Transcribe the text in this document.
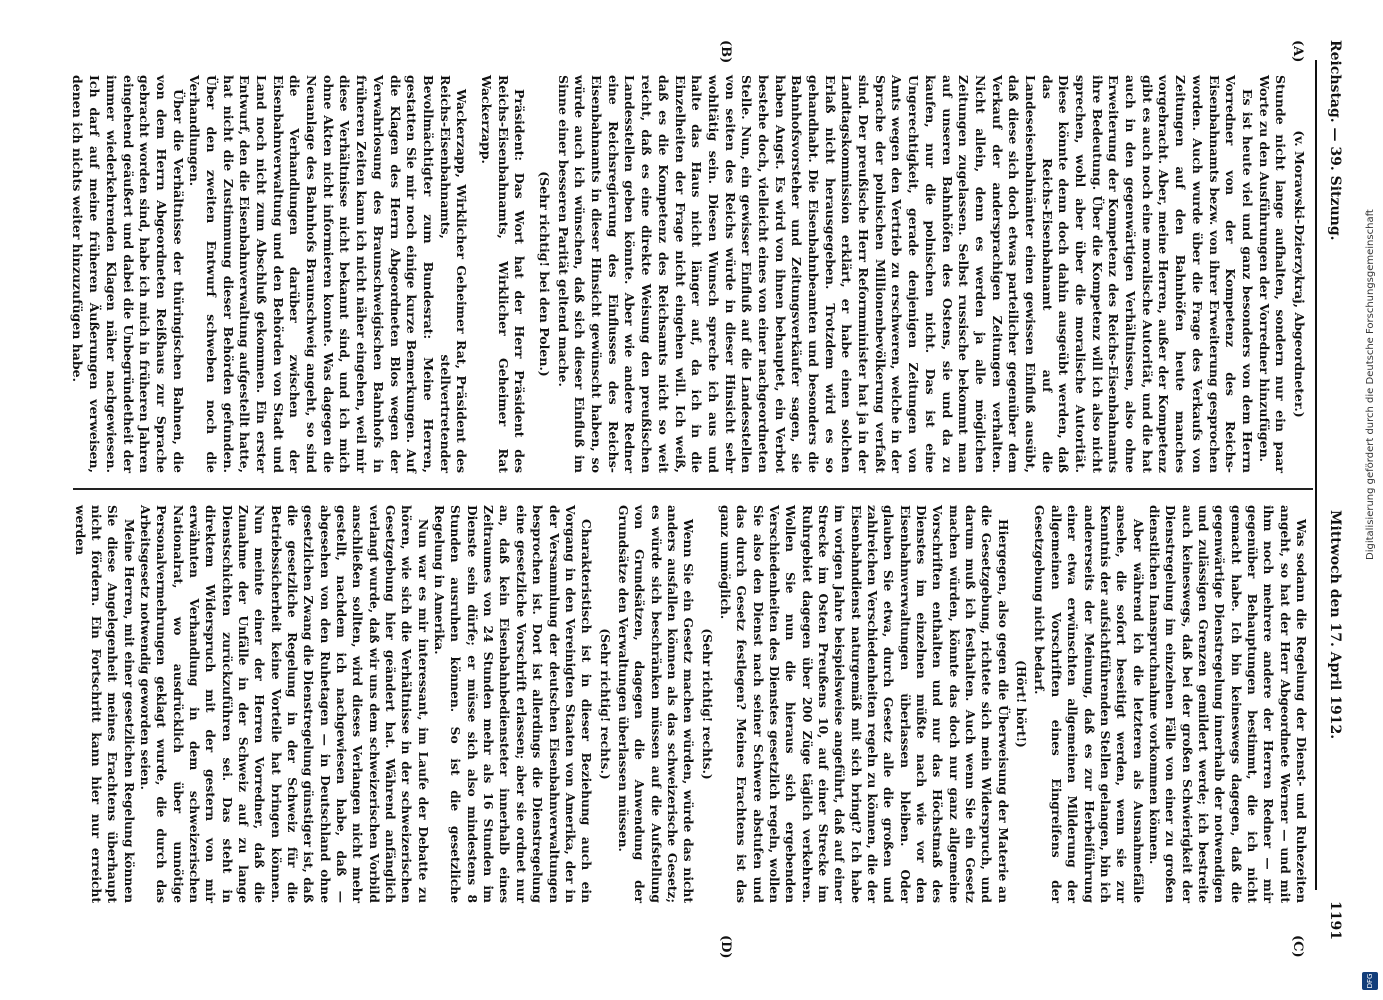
Reichstag. — 39. Sitzung.
Mittwoch den 17. April 1912.
1191
(A)
(B)
(C)
(D)

(v. Morawski-Dzierzykraj, Abgeordneter.)

Stunde nicht lange aufhalten, sondern nur ein paar Worte zu den Ausführungen der Vorredner hinzufügen.

Es ist heute viel und ganz besonders von dem Herrn Vorredner von der Kompetenz des Reichs-Eisenbahnamts bezw. von ihrer Erweiterung gesprochen worden. Auch wurde über die Frage des Verkaufs von Zeitungen auf den Bahnhöfen heute manches vorgebracht. Aber, meine Herren, außer der Kompetenz gibt es auch noch eine moralische Autorität, und die hat auch in den gegenwärtigen Verhältnissen, also ohne Erweiterung der Kompetenz des Reichs-Eisenbahnamts ihre Bedeutung. Über die Kompetenz will ich also nicht sprechen, wohl aber über die moralische Autorität. Diese könnte denn doch dahin ausgeübt werden, daß das Reichs-Eisenbahnamt auf die Landeseisenbahnämter einen gewissen Einfluß ausübt, daß diese sich doch etwas parteilicher gegenüber dem Verkauf der andersprachigen Zeitungen verhalten. Nicht allein, denn es werden ja alle möglichen Zeitungen zugelassen. Selbst russische bekommt man auf unseren Bahnhöfen des Ostens, sie und da zu kaufen, nur die polnischen nicht. Das ist eine Ungerechtigkeit, gerade denjenigen Zeitungen von Amts wegen den Vertrieb zu erschweren, welche in der Sprache der polnischen Millionenbevölkerung verfaßt sind. Der preußische Herr Reformminister hat ja in der Landtagskommission erklärt, er habe einen solchen Erlaß nicht herausgegeben. Trotzdem wird es so gehandhabt. Die Eisenbahnbeamten und besonders die Bahnhofsvorsteher und Zeitungsverkäufer sagen, sie haben Angst. Es wird von ihnen behauptet, ein Verbot bestehe doch, vielleicht eines von einer nachgeordneten Stelle. Nun, ein gewisser Einfluß auf die Landesstellen von seiten des Reichs würde in dieser Hinsicht sehr wohltätig sein. Diesen Wunsch spreche ich aus und halte das Haus nicht länger auf, da ich in die Einzelheiten der Frage nicht eingehen will. Ich weiß, daß es die Kompetenz des Reichsamts nicht so weit reicht, daß es eine direkte Weisung den preußischen Landesstellen geben könnte. Aber wie andere Redner eine Reichsregierung des Einflusses des Reichs-Eisenbahnamts in dieser Hinsicht gewünscht haben, so würde auch ich wünschen, daß sich dieser Einfluß im Sinne einer besseren Parität geltend mache.

(Sehr richtig! bei den Polen.)

Präsident: Das Wort hat der Herr Präsident des Reichs-Eisenbahnamts, Wirklicher Geheimer Rat Wackerzapp.

Wackerzapp, Wirklicher Geheimer Rat, Präsident des Reichs-Eisenbahnamts, stellvertretender Bevollmächtigter zum Bundesrat: Meine Herren, gestatten Sie mir noch einige kurze Bemerkungen. Auf die Klagen des Herrn Abgeordneten Blos wegen der Verwahrlosung des Braunschweigischen Bahnhofs in früheren Zeiten kann ich nicht näher eingehen, weil mir diese Verhältnisse nicht bekannt sind, und ich mich ohne Akten nicht informieren konnte. Was dagegen die Neuanlage des Bahnhofs Braunschweig angeht, so sind die Verhandlungen darüber zwischen der Eisenbahnverwaltung und den Behörden von Stadt und Land noch nicht zum Abschluß gekommen. Ein erster Entwurf, den die Eisenbahnverwaltung aufgestellt hatte, hat nicht die Zustimmung dieser Behörden gefunden. Über den zweiten Entwurf schweben noch die Verhandlungen.

Über die Verhältnisse der thüringischen Bahnen, die von dem Herrn Abgeordneten Reißhaus zur Sprache gebracht worden sind, habe ich mich in früheren Jahren eingehend geäußert und dabei die Unbegründetheit der immer wiederkehrenden Klagen näher nachgewiesen. Ich darf auf meine früheren Äußerungen verweisen, denen ich nichts weiter hinzuzufügen habe.

Was sodann die Regelung der Dienst- und Ruhezeiten angeht, so hat der Herr Abgeordnete Werner — und mit ihm noch mehrere andere der Herren Redner — mir gegenüber Behauptungen bestimmt, die ich nicht gemacht habe. Ich bin keineswegs dagegen, daß die gegenwärtige Dienstregelung innerhalb der notwendigen und zulässigen Grenzen gemildert werde; ich bestreite auch keineswegs, daß bei der großen Schwierigkeit der Dienstregelung im einzelnen Fälle von einer zu großen dienstlichen Inanspruchnahme vorkommen können.

Aber während ich die letzteren als Ausnahmefälle ansehe, die sofort beseitigt werden, wenn sie zur Kenntnis der aufsichtführenden Stellen gelangen, bin ich andererseits der Meinung, daß es zur Herbeiführung einer etwa erwünschten allgemeinen Milderung der allgemeinen Vorschriften eines Eingreifens der Gesetzgebung nicht bedarf.

(Hört! hört!)

Hiergegen, also gegen die Überweisung der Materie an die Gesetzgebung, richtete sich mein Widerspruch, und darum muß ich festhalten. Auch wenn Sie ein Gesetz machen würden, könnte das doch nur ganz allgemeine Vorschriften enthalten und nur das Höchstmaß des Dienstes im einzelnen müßte nach wie vor den Eisenbahnverwaltungen überlassen bleiben. Oder glauben Sie etwa, durch Gesetz alle die großen und zahlreichen Verschiedenheiten regeln zu können, die der Eisenbahndienst naturgemäß mit sich bringt? Ich habe im vorigen Jahre beispielsweise angeführt, daß auf einer Strecke im Osten Preußens 10, auf einer Strecke im Ruhrgebiet dagegen über 200 Züge täglich verkehren. Wollen Sie nun die hieraus sich ergebenden Verschiedenheiten des Dienstes gesetzlich regeln, wollen Sie also den Dienst nach seiner Schwere abstufen und das durch Gesetz festlegen? Meines Erachtens ist das ganz unmöglich.

(Sehr richtig! rechts.)

Wenn Sie ein Gesetz machen würden, würde das nicht anders ausfallen können als das schweizerische Gesetz; es würde sich beschränken müssen auf die Aufstellung von Grundsätzen, dagegen die Anwendung der Grundsätze den Verwaltungen überlassen müssen.

(Sehr richtig! rechts.)

Charakteristisch ist in dieser Beziehung auch ein Vorgang in den Vereinigten Staaten von Amerika, der in der Versammlung der deutschen Eisenbahnverwaltungen besprochen ist. Dort ist allerdings die Dienstregelung eine gesetzliche Vorschrift erlassen; aber sie ordnet nur an, daß kein Eisenbahnbediensteter innerhalb eines Zeitraumes von 24 Stunden mehr als 16 Stunden im Dienste sein dürfe; er müsse sich also mindestens 8 Stunden ausruhen können. So ist die gesetzliche Regelung in Amerika.

Nun war es mir interessant, im Laufe der Debatte zu hören, wie sich die Verhältnisse in der schweizerischen Gesetzgebung hier geändert hat. Während anfänglich verlangt wurde, daß wir uns dem schweizerischen Vorbild anschließen sollten, wird dieses Verlangen nicht mehr gestellt, nachdem ich nachgewiesen habe, daß — abgesehen von den Ruhetagen — in Deutschland ohne gesetzlichen Zwang die Dienstregelung günstiger ist, daß die gesetzliche Regelung in der Schweiz für die Betriebssicherheit keine Vorteile hat bringen können. Nun meinte einer der Herren Vorredner, daß die Zunahme der Unfälle in der Schweiz auf zu lange Dienstschichten zurückzuführen sei. Das steht in direktem Widerspruch mit der gestern von mir erwähnten Verhandlung in dem schweizerischen Nationalrat, wo ausdrücklich über unnötige Personalvermehrungen geklagt wurde, die durch das Arbeitsgesetz notwendig geworden seien.

Meine Herren, mit einer gesetzlichen Regelung können Sie diese Angelegenheit meines Erachtens überhaupt nicht fördern. Ein Fortschritt kann hier nur erreicht werden	Digitalisierung gefördert durch die Deutsche Forschungsgemeinschaft
DFG
